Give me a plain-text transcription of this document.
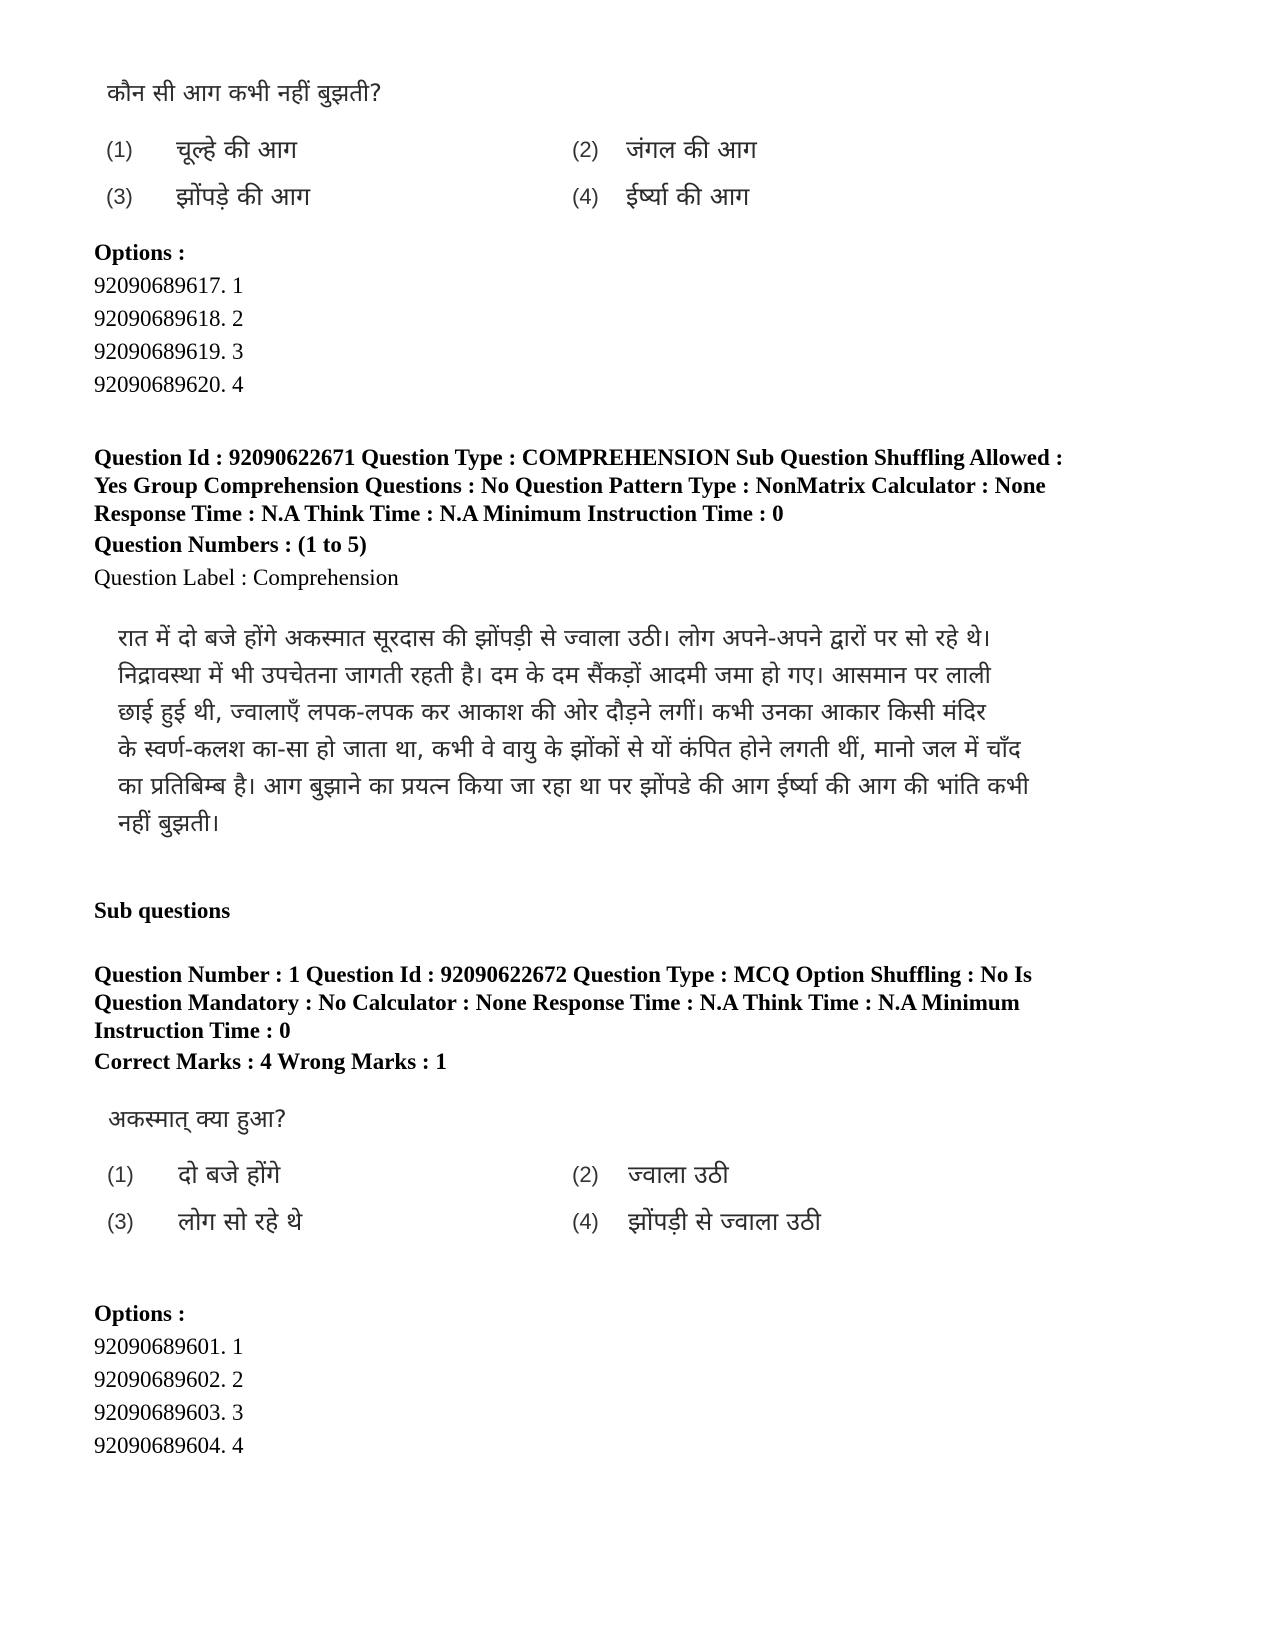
कौन सी आग कभी नहीं बुझती?
(1) चूल्हे की आग	(2) जंगल की आग
(3) झोंपड़े की आग	(4) ईर्ष्या की आग
Options :
92090689617. 1
92090689618. 2
92090689619. 3
92090689620. 4

Question Id : 92090622671 Question Type : COMPREHENSION Sub Question Shuffling Allowed :

Yes Group Comprehension Questions : No Question Pattern Type : NonMatrix Calculator : None

Response Time : N.A Think Time : N.A Minimum Instruction Time : 0

Question Numbers : (1 to 5)
Question Label : Comprehension

रात में दो बजे होंगे अकस्मात सूरदास की झोंपड़ी से ज्वाला उठी। लोग अपने-अपने द्वारों पर सो रहे थे।

निद्रावस्था में भी उपचेतना जागती रहती है। दम के दम सैंकड़ों आदमी जमा हो गए। आसमान पर लाली

छाई हुई थी, ज्वालाएँ लपक-लपक कर आकाश की ओर दौड़ने लगीं। कभी उनका आकार किसी मंदिर

के स्वर्ण-कलश का-सा हो जाता था, कभी वे वायु के झोंकों से यों कंपित होने लगती थीं, मानो जल में चाँद

का प्रतिबिम्ब है। आग बुझाने का प्रयत्न किया जा रहा था पर झोंपडे की आग ईर्ष्या की आग की भांति कभी

नहीं बुझती।

Sub questions

Question Number : 1 Question Id : 92090622672 Question Type : MCQ Option Shuffling : No Is

Question Mandatory : No Calculator : None Response Time : N.A Think Time : N.A Minimum

Instruction Time : 0

Correct Marks : 4 Wrong Marks : 1
अकस्मात् क्या हुआ?
(1) दो बजे होंगे	(2) ज्वाला उठी
(3) लोग सो रहे थे	(4) झोंपड़ी से ज्वाला उठी
Options :
92090689601. 1
92090689602. 2
92090689603. 3
92090689604. 4
